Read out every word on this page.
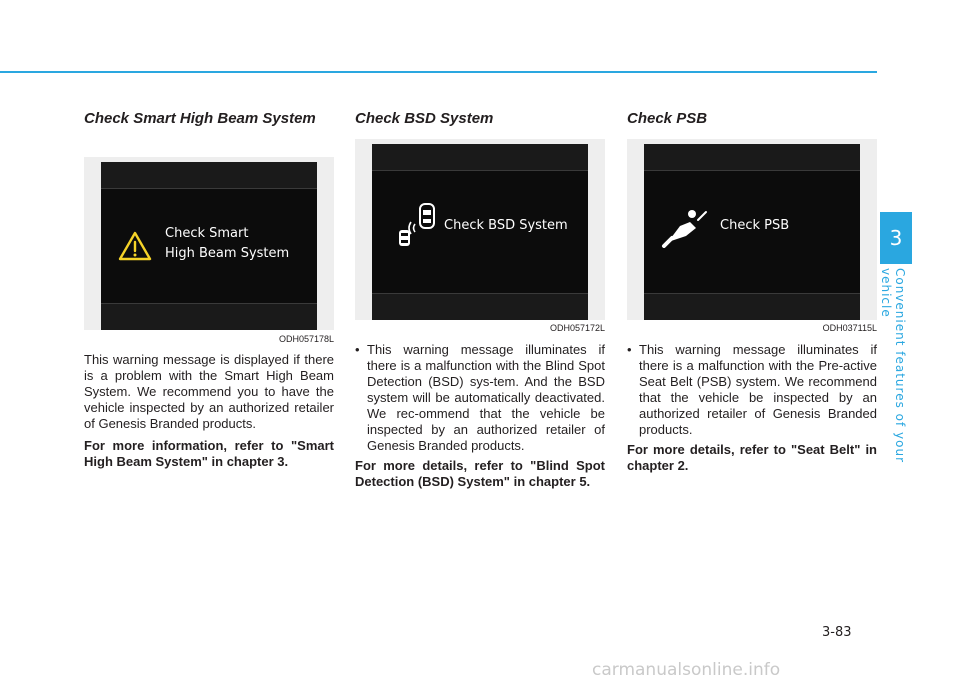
Check Smart High Beam System
Check Smart
High Beam System
ODH057178L

This warning message is displayed if there is a problem with the Smart High Beam System. We recommend you to have the vehicle inspected by an authorized retailer of Genesis Branded products.

For more information, refer to "Smart High Beam System" in chapter 3.

Check BSD System
Check BSD System
ODH057172L
• This warning message illuminates if there is a malfunction with the Blind Spot Detection (BSD) sys-tem. And the BSD system will be automatically deactivated. We rec-ommend that the vehicle be inspected by an authorized retailer of Genesis Branded products.

For more details, refer to "Blind Spot Detection (BSD) System" in chapter 5.

Check PSB
Check PSB
ODH037115L
• This warning message illuminates if there is a malfunction with the Pre-active Seat Belt (PSB) system. We recommend that the vehicle be inspected by an authorized retailer of Genesis Branded products.

For more details, refer to "Seat Belt" in chapter 2.

3
Convenient features of your vehicle
3-83
carmanualsonline.info
